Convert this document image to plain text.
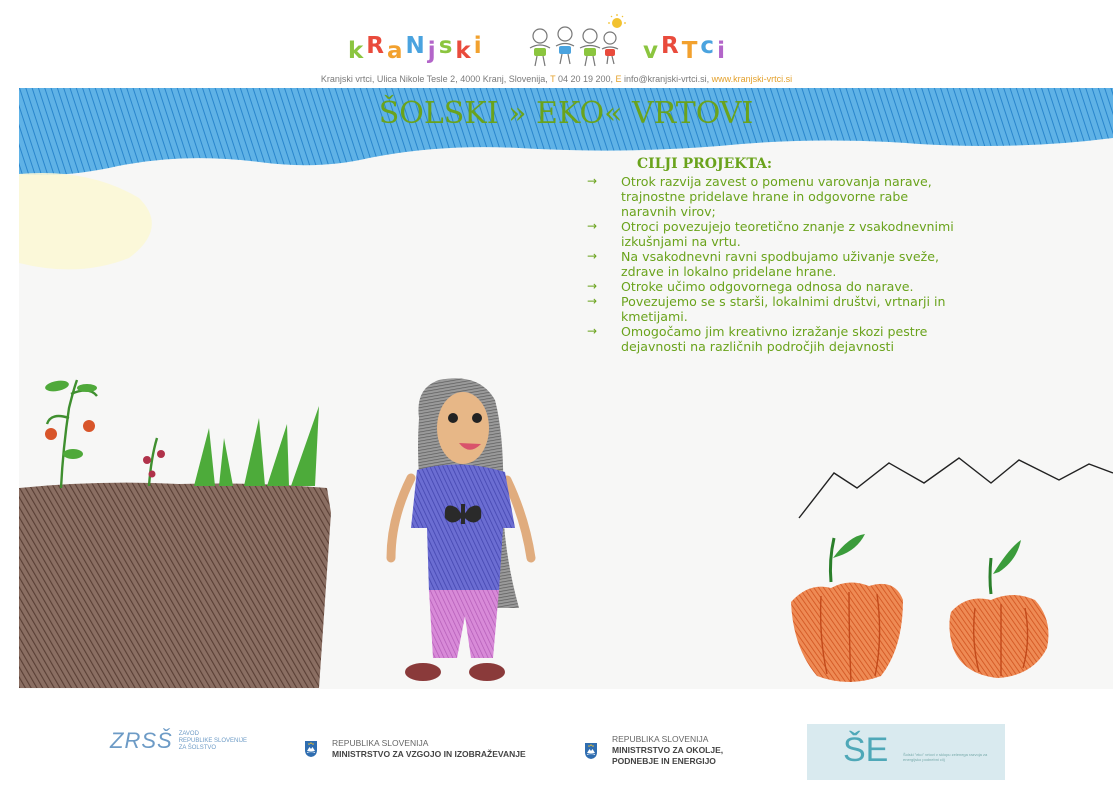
kRaNjski	vRTci
Kranjski vrtci, Ulica Nikole Tesle 2, 4000 Kranj, Slovenija, T 04 20 19 200, E info@kranjski-vrtci.si, www.kranjski-vrtci.si
ŠOLSKI » EKO« VRTOVI
CILJI PROJEKTA:
→	Otrok razvija zavest o pomenu varovanja narave, trajnostne pridelave hrane in odgovorne rabe naravnih virov;
→	Otroci povezujejo teoretično znanje z vsakodnevnimi izkušnjami na vrtu.
→	Na vsakodnevni ravni spodbujamo uživanje sveže, zdrave in lokalno pridelane hrane.
→	Otroke učimo odgovornega odnosa do narave.
→	Povezujemo se s starši, lokalnimi društvi, vrtnarji in kmetijami.
→	Omogočamo jim kreativno izražanje skozi pestre dejavnosti na različnih področjih dejavnosti
ZRSŠ ZAVOD
REPUBLIKE SLOVENIJE
ZA ŠOLSTVO	REPUBLIKA SLOVENIJA
MINISTRSTVO ZA VZGOJO IN IZOBRAŽEVANJE
REPUBLIKA SLOVENIJA
MINISTRSTVO ZA OKOLJE,
PODNEBJE IN ENERGIJO	ŠE	Šolski "eko" vrtovi v sklopu zelenega razvoja za energijsko podnebni cilj
